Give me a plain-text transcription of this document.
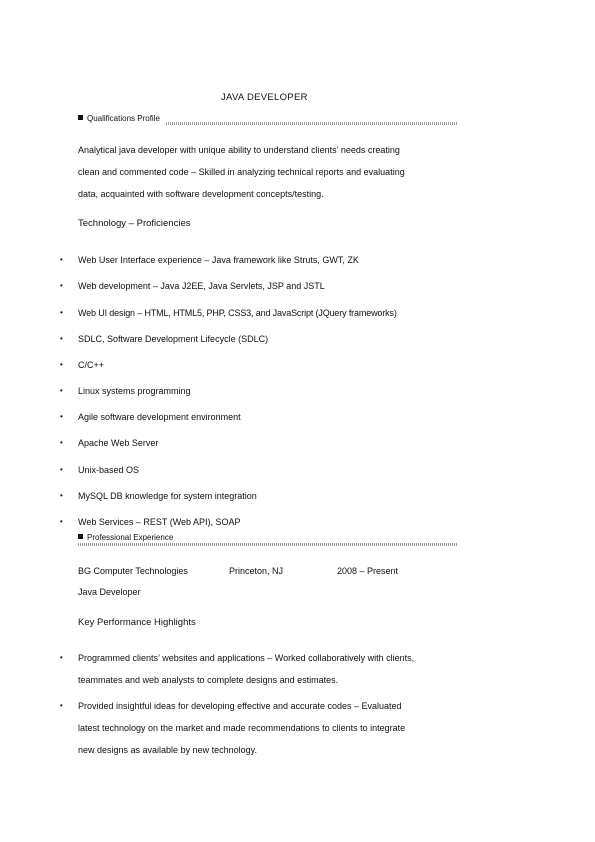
JAVA DEVELOPER
Qualifications Profile
Analytical java developer with unique ability to understand clients’ needs creating
clean and commented code – Skilled in analyzing technical reports and evaluating
data, acquainted with software development concepts/testing.
Technology – Proficiencies
• Web User Interface experience – Java framework like Struts, GWT, ZK
• Web development – Java J2EE, Java Servlets, JSP and JSTL
• Web UI design – HTML, HTML5, PHP, CSS3, and JavaScript (JQuery frameworks)
• SDLC, Software Development Lifecycle (SDLC)
• C/C++
• Linux systems programming
• Agile software development environment
• Apache Web Server
• Unix-based OS
• MySQL DB knowledge for system integration
• Web Services – REST (Web API), SOAP
Professional Experience
BG Computer Technologies	Princeton, NJ	2008 – Present
Java Developer
Key Performance Highlights
• Programmed clients’ websites and applications – Worked collaboratively with clients,
teammates and web analysts to complete designs and estimates.
• Provided insightful ideas for developing effective and accurate codes – Evaluated
latest technology on the market and made recommendations to clients to integrate
new designs as available by new technology.
